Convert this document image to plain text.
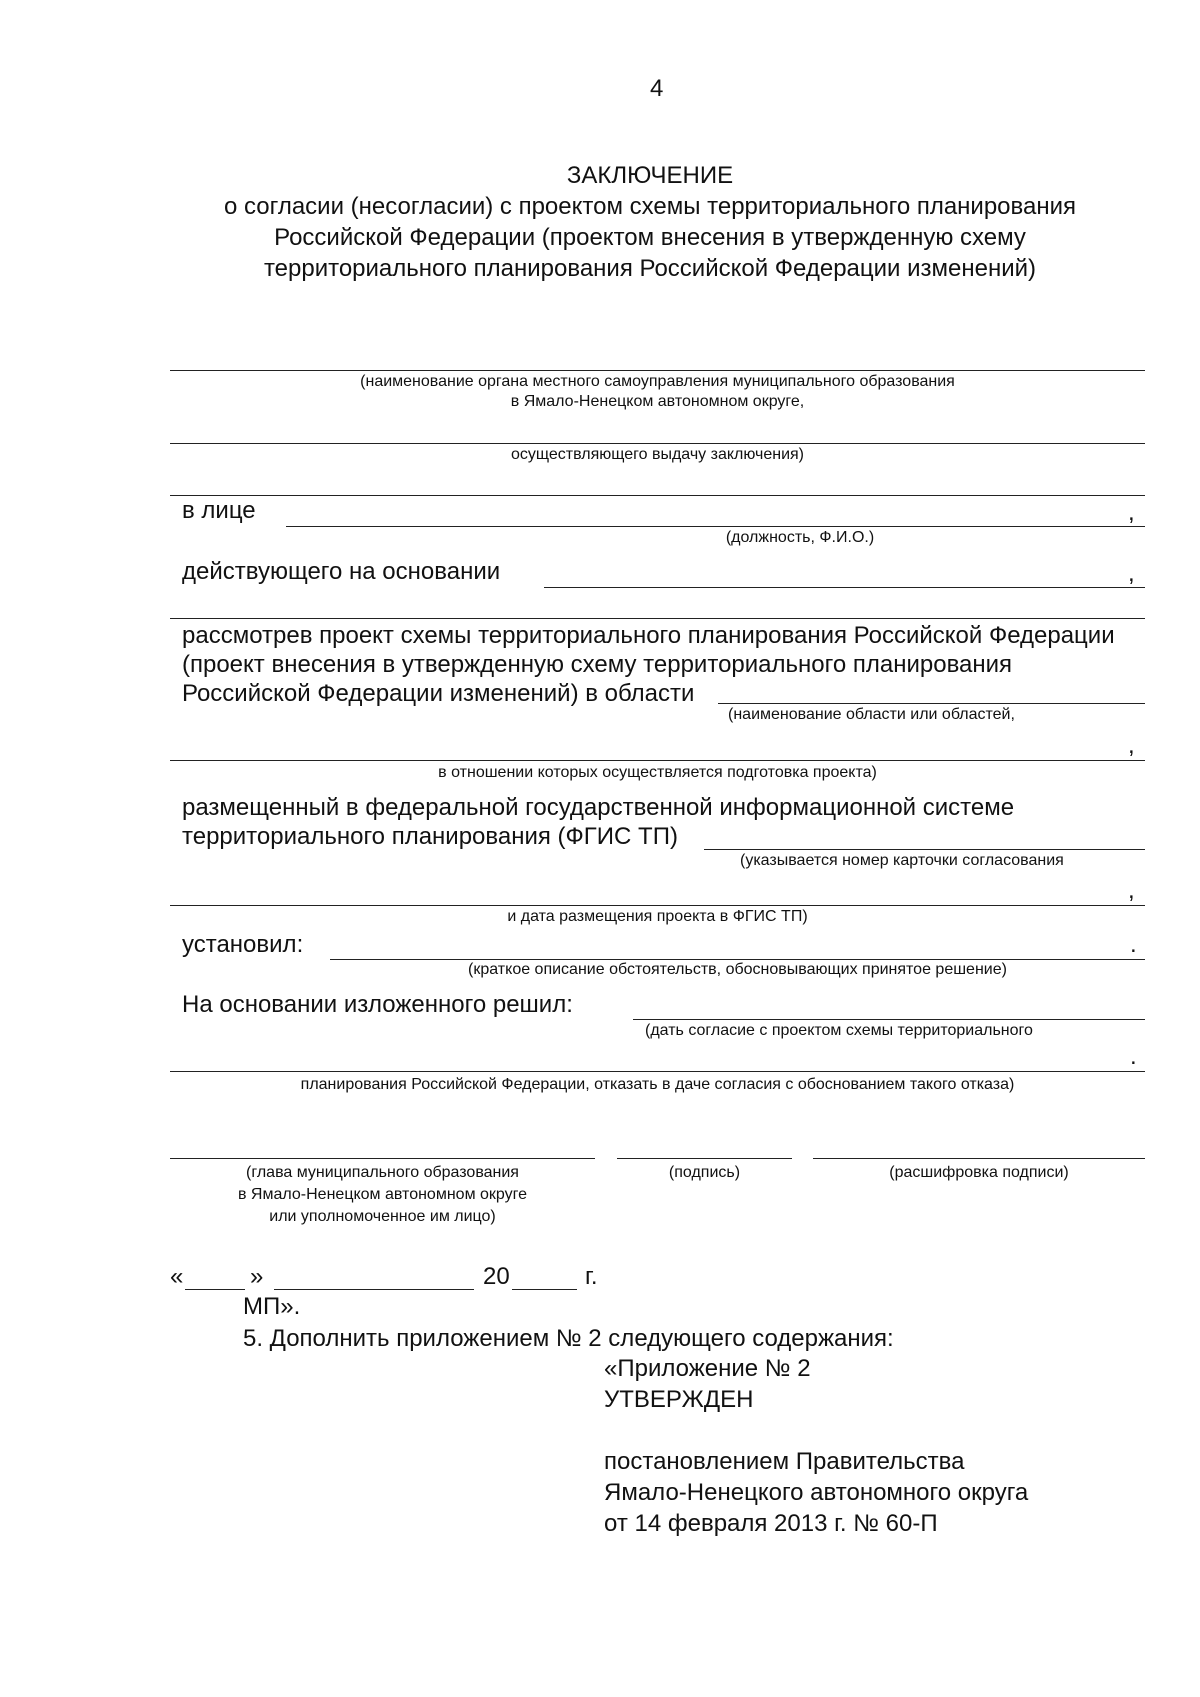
4
ЗАКЛЮЧЕНИЕ
о согласии (несогласии) с проектом схемы территориального планирования
Российской Федерации (проектом внесения в утвержденную схему
территориального планирования Российской Федерации изменений)
(наименование органа местного самоуправления муниципального образования
в Ямало-Ненецком автономном округе,
осуществляющего выдачу заключения)
в лице	,
(должность, Ф.И.О.)
действующего на основании	,
рассмотрев проект схемы территориального планирования Российской Федерации
(проект внесения в утвержденную схему территориального планирования
Российской Федерации изменений) в области
(наименование области или областей,
,
в отношении которых осуществляется подготовка проекта)
размещенный в федеральной государственной информационной системе
территориального планирования (ФГИС ТП)
(указывается номер карточки согласования
,
и дата размещения проекта в ФГИС ТП)
установил:	.
(краткое описание обстоятельств, обосновывающих принятое решение)
На основании изложенного решил:
(дать согласие с проектом схемы территориального
.
планирования Российской Федерации, отказать в даче согласия с обоснованием такого отказа)
(глава муниципального образования
в Ямало-Ненецком автономном округе
или уполномоченное им лицо)
(подпись)	(расшифровка подписи)
«	»	20	г.
МП».
5. Дополнить приложением № 2 следующего содержания:
«Приложение № 2
УТВЕРЖДЕН
постановлением Правительства
Ямало-Ненецкого автономного округа
от 14 февраля 2013 г. № 60-П
